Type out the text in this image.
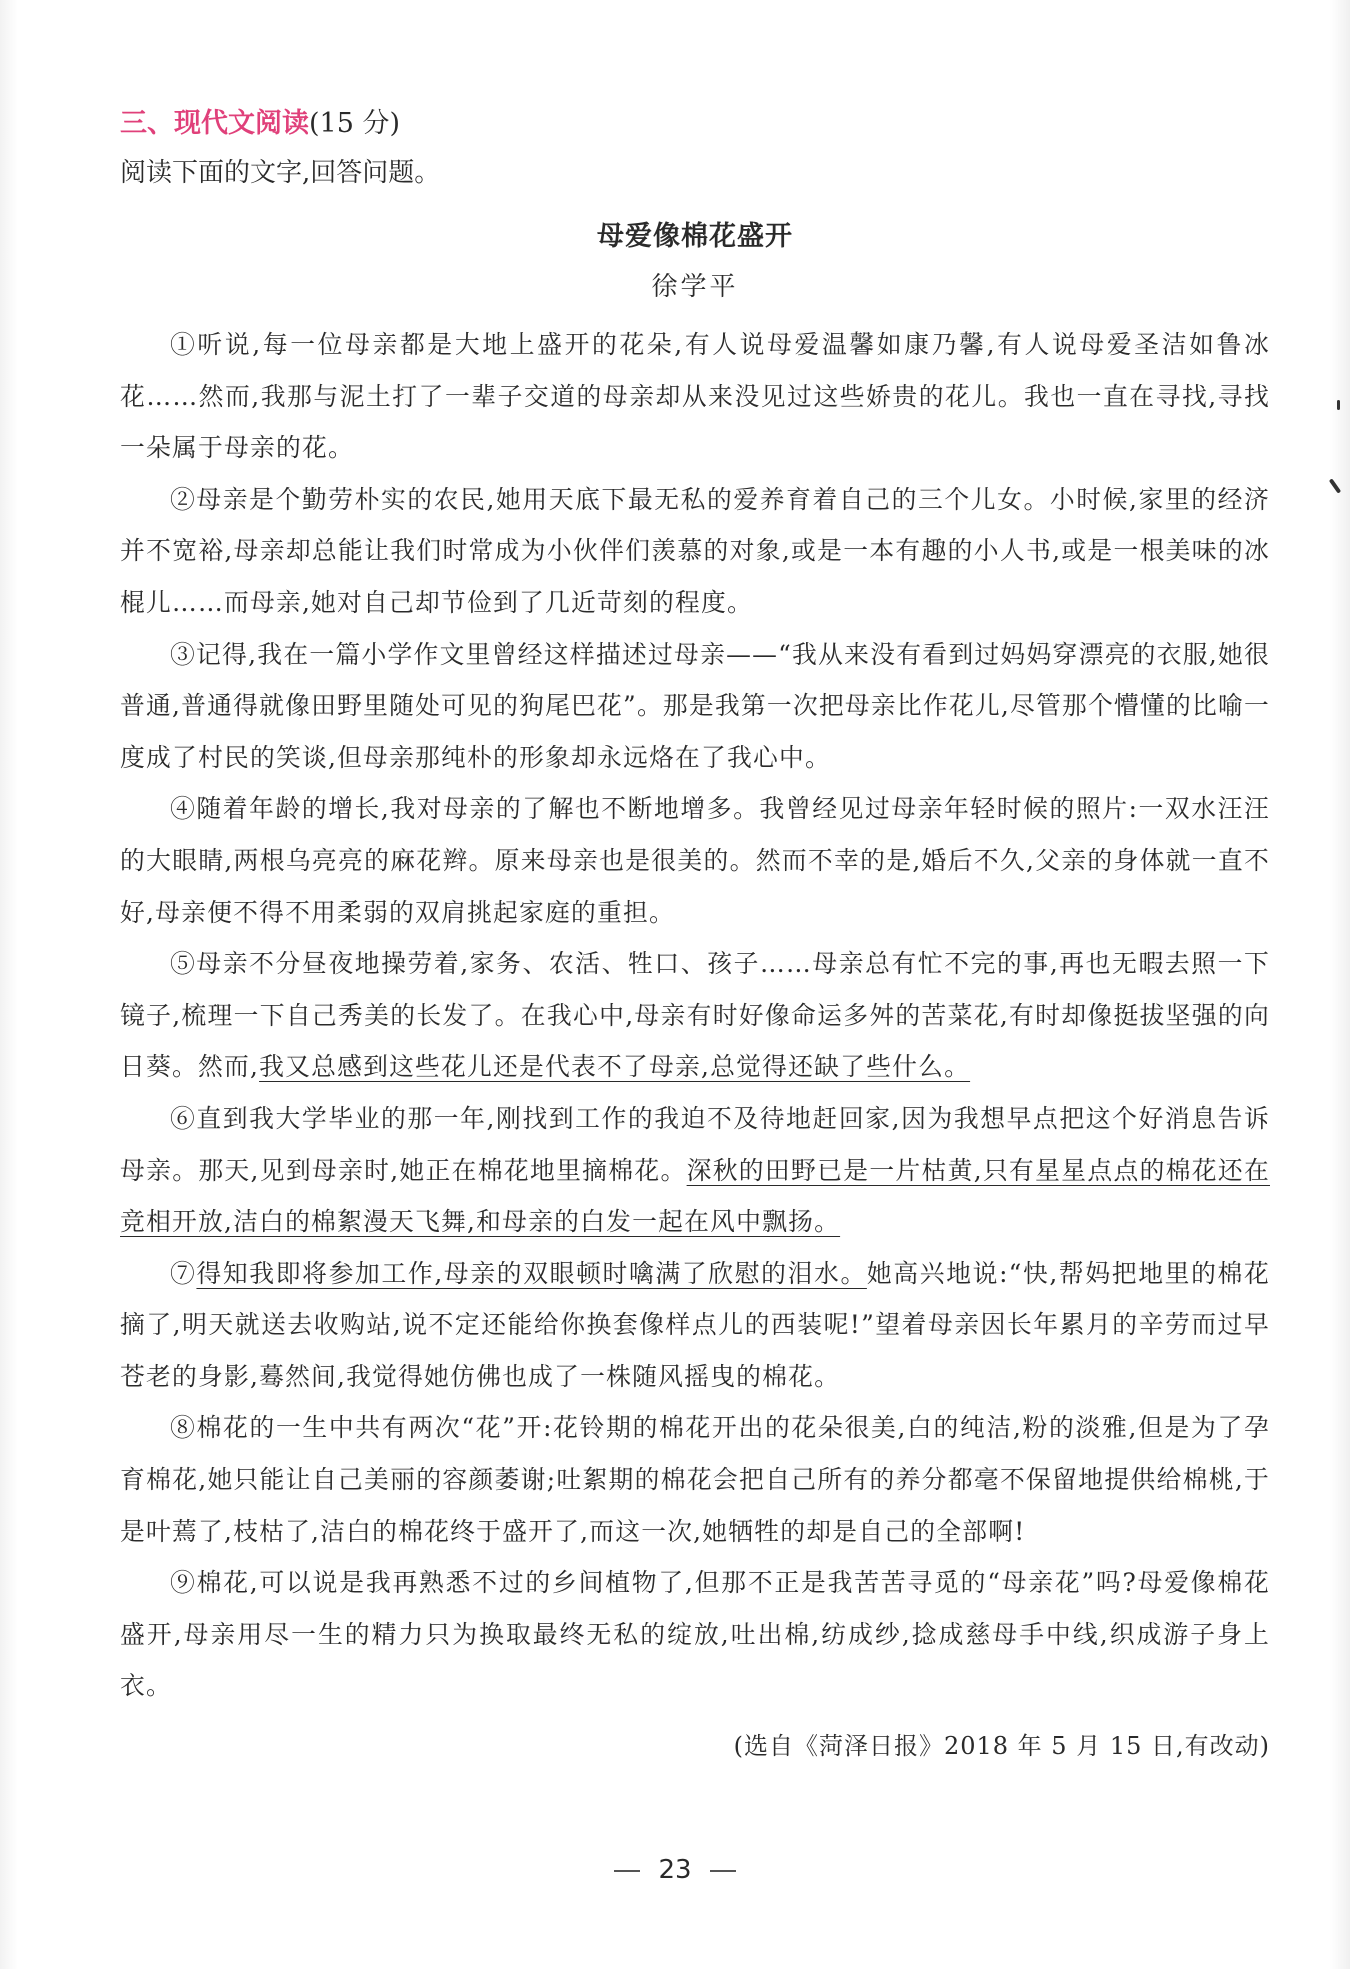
三、现代文阅读(15 分)
阅读下面的文字,回答问题。
母爱像棉花盛开
徐学平

①听说,每一位母亲都是大地上盛开的花朵,有人说母爱温馨如康乃馨,有人说母爱圣洁如鲁冰花……然而,我那与泥土打了一辈子交道的母亲却从来没见过这些娇贵的花儿。我也一直在寻找,寻找一朵属于母亲的花。

②母亲是个勤劳朴实的农民,她用天底下最无私的爱养育着自己的三个儿女。小时候,家里的经济并不宽裕,母亲却总能让我们时常成为小伙伴们羡慕的对象,或是一本有趣的小人书,或是一根美味的冰棍儿……而母亲,她对自己却节俭到了几近苛刻的程度。

③记得,我在一篇小学作文里曾经这样描述过母亲——“我从来没有看到过妈妈穿漂亮的衣服,她很普通,普通得就像田野里随处可见的狗尾巴花”。那是我第一次把母亲比作花儿,尽管那个懵懂的比喻一度成了村民的笑谈,但母亲那纯朴的形象却永远烙在了我心中。

④随着年龄的增长,我对母亲的了解也不断地增多。我曾经见过母亲年轻时候的照片:一双水汪汪的大眼睛,两根乌亮亮的麻花辫。原来母亲也是很美的。然而不幸的是,婚后不久,父亲的身体就一直不好,母亲便不得不用柔弱的双肩挑起家庭的重担。

⑤母亲不分昼夜地操劳着,家务、农活、牲口、孩子……母亲总有忙不完的事,再也无暇去照一下镜子,梳理一下自己秀美的长发了。在我心中,母亲有时好像命运多舛的苦菜花,有时却像挺拔坚强的向日葵。然而,我又总感到这些花儿还是代表不了母亲,总觉得还缺了些什么。

⑥直到我大学毕业的那一年,刚找到工作的我迫不及待地赶回家,因为我想早点把这个好消息告诉母亲。那天,见到母亲时,她正在棉花地里摘棉花。深秋的田野已是一片枯黄,只有星星点点的棉花还在竞相开放,洁白的棉絮漫天飞舞,和母亲的白发一起在风中飘扬。

⑦得知我即将参加工作,母亲的双眼顿时噙满了欣慰的泪水。她高兴地说:“快,帮妈把地里的棉花摘了,明天就送去收购站,说不定还能给你换套像样点儿的西装呢!”望着母亲因长年累月的辛劳而过早苍老的身影,蓦然间,我觉得她仿佛也成了一株随风摇曳的棉花。

⑧棉花的一生中共有两次“花”开:花铃期的棉花开出的花朵很美,白的纯洁,粉的淡雅,但是为了孕育棉花,她只能让自己美丽的容颜萎谢;吐絮期的棉花会把自己所有的养分都毫不保留地提供给棉桃,于是叶蔫了,枝枯了,洁白的棉花终于盛开了,而这一次,她牺牲的却是自己的全部啊!

⑨棉花,可以说是我再熟悉不过的乡间植物了,但那不正是我苦苦寻觅的“母亲花”吗?母爱像棉花盛开,母亲用尽一生的精力只为换取最终无私的绽放,吐出棉,纺成纱,捻成慈母手中线,织成游子身上衣。

(选自《菏泽日报》2018 年 5 月 15 日,有改动)
23
